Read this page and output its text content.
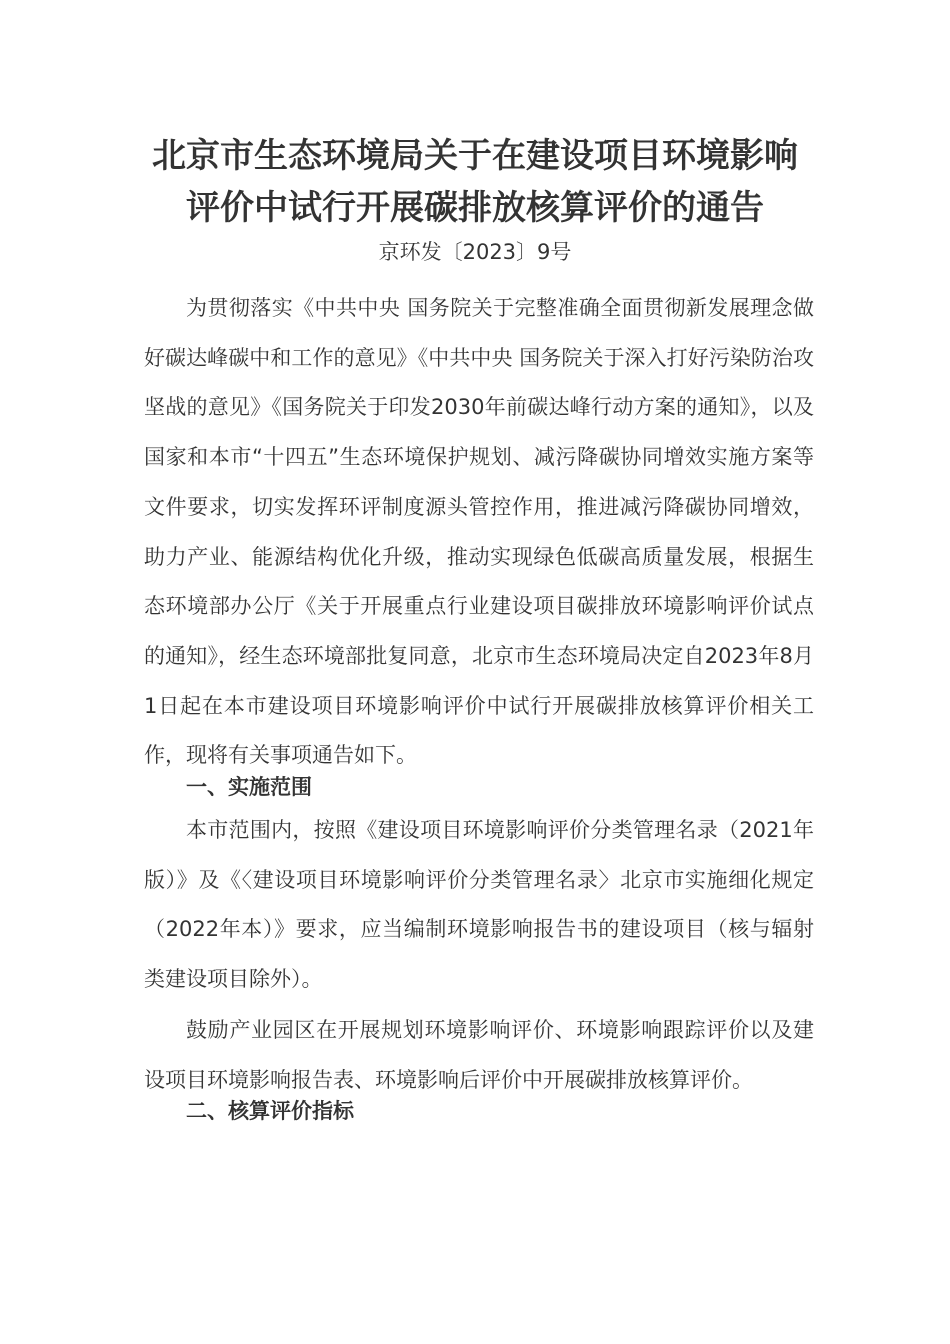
北京市生态环境局关于在建设项目环境影响
评价中试行开展碳排放核算评价的通告
京环发〔2023〕9号
为贯彻落实《中共中央 国务院关于完整准确全面贯彻新发展理念做好碳达峰碳中和工作的意见》《中共中央 国务院关于深入打好污染防治攻坚战的意见》《国务院关于印发2030年前碳达峰行动方案的通知》，以及国家和本市“十四五”生态环境保护规划、减污降碳协同增效实施方案等文件要求，切实发挥环评制度源头管控作用，推进减污降碳协同增效，助力产业、能源结构优化升级，推动实现绿色低碳高质量发展，根据生态环境部办公厅《关于开展重点行业建设项目碳排放环境影响评价试点的通知》，经生态环境部批复同意，北京市生态环境局决定自2023年8月1日起在本市建设项目环境影响评价中试行开展碳排放核算评价相关工作，现将有关事项通告如下。
一、实施范围
本市范围内，按照《建设项目环境影响评价分类管理名录（2021年版）》及《〈建设项目环境影响评价分类管理名录〉北京市实施细化规定（2022年本）》要求，应当编制环境影响报告书的建设项目（核与辐射类建设项目除外）。
鼓励产业园区在开展规划环境影响评价、环境影响跟踪评价以及建设项目环境影响报告表、环境影响后评价中开展碳排放核算评价。
二、核算评价指标
